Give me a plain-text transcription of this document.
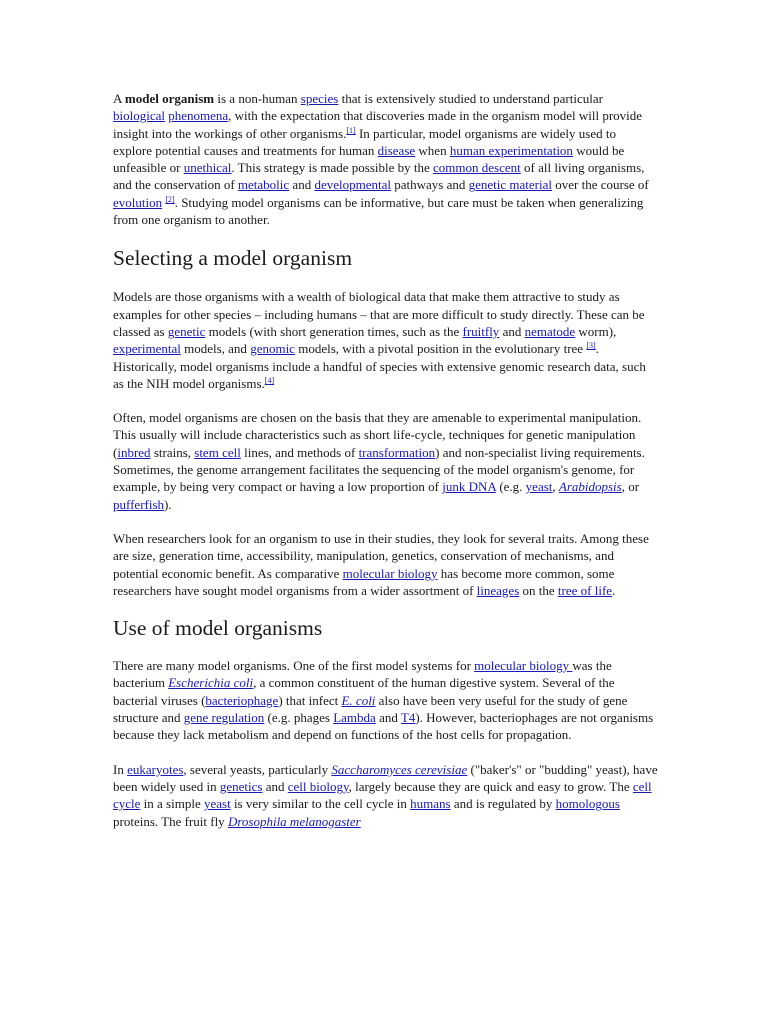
A model organism is a non-human species that is extensively studied to understand particular biological phenomena, with the expectation that discoveries made in the organism model will provide insight into the workings of other organisms.[1] In particular, model organisms are widely used to explore potential causes and treatments for human disease when human experimentation would be unfeasible or unethical. This strategy is made possible by the common descent of all living organisms, and the conservation of metabolic and developmental pathways and genetic material over the course of evolution [2]. Studying model organisms can be informative, but care must be taken when generalizing from one organism to another.

Selecting a model organism

Models are those organisms with a wealth of biological data that make them attractive to study as examples for other species – including humans – that are more difficult to study directly. These can be classed as genetic models (with short generation times, such as the fruitfly and nematode worm), experimental models, and genomic models, with a pivotal position in the evolutionary tree [3]. Historically, model organisms include a handful of species with extensive genomic research data, such as the NIH model organisms.[4]

Often, model organisms are chosen on the basis that they are amenable to experimental manipulation. This usually will include characteristics such as short life-cycle, techniques for genetic manipulation (inbred strains, stem cell lines, and methods of transformation) and non-specialist living requirements. Sometimes, the genome arrangement facilitates the sequencing of the model organism's genome, for example, by being very compact or having a low proportion of junk DNA (e.g. yeast, Arabidopsis, or pufferfish).

When researchers look for an organism to use in their studies, they look for several traits. Among these are size, generation time, accessibility, manipulation, genetics, conservation of mechanisms, and potential economic benefit. As comparative molecular biology has become more common, some researchers have sought model organisms from a wider assortment of lineages on the tree of life.

Use of model organisms

There are many model organisms. One of the first model systems for molecular biology was the bacterium Escherichia coli, a common constituent of the human digestive system. Several of the bacterial viruses (bacteriophage) that infect E. coli also have been very useful for the study of gene structure and gene regulation (e.g. phages Lambda and T4). However, bacteriophages are not organisms because they lack metabolism and depend on functions of the host cells for propagation.

In eukaryotes, several yeasts, particularly Saccharomyces cerevisiae ("baker's" or "budding" yeast), have been widely used in genetics and cell biology, largely because they are quick and easy to grow. The cell cycle in a simple yeast is very similar to the cell cycle in humans and is regulated by homologous proteins. The fruit fly Drosophila melanogaster
